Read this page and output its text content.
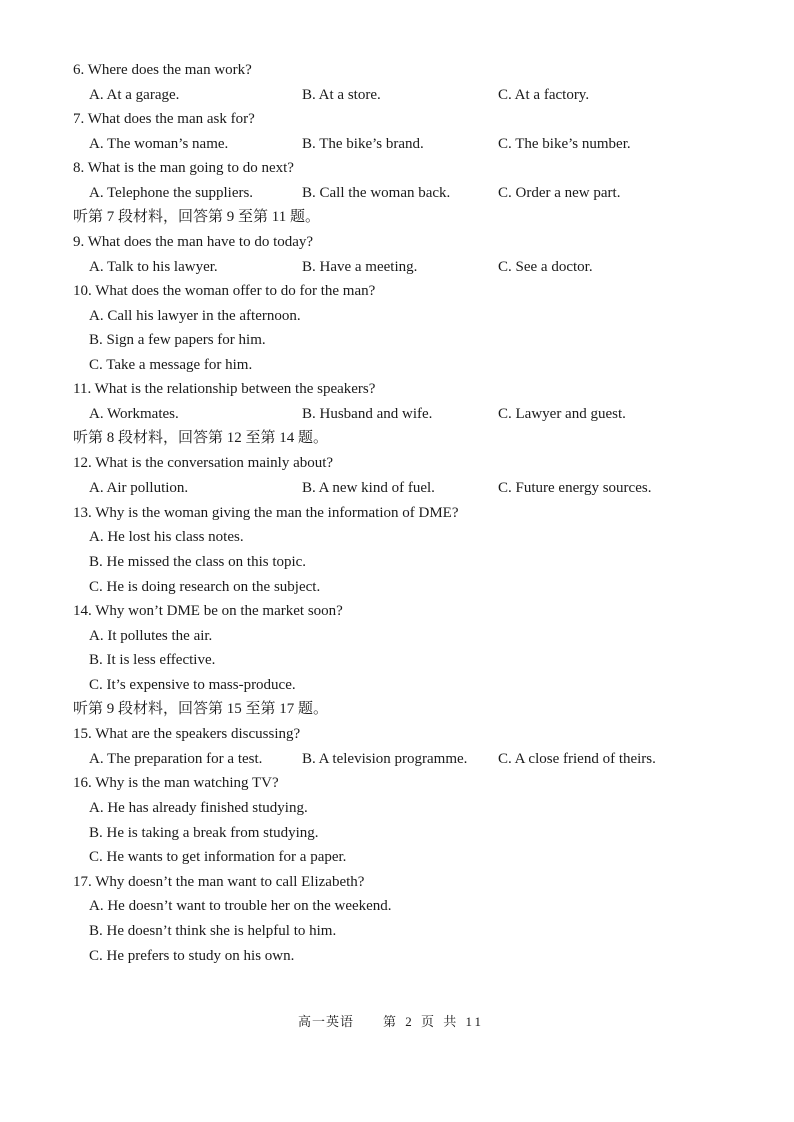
6. Where does the man work?
A. At a garage.	B. At a store.	C. At a factory.
7. What does the man ask for?
A. The woman’s name.	B. The bike’s brand.	C. The bike’s number.
8. What is the man going to do next?
A. Telephone the suppliers.	B. Call the woman back.	C. Order a new part.
听第 7 段材料，回答第 9 至第 11 题。
9. What does the man have to do today?
A. Talk to his lawyer.	B. Have a meeting.	C. See a doctor.
10. What does the woman offer to do for the man?
A. Call his lawyer in the afternoon.
B. Sign a few papers for him.
C. Take a message for him.
11. What is the relationship between the speakers?
A. Workmates.	B. Husband and wife.	C. Lawyer and guest.
听第 8 段材料，回答第 12 至第 14 题。
12. What is the conversation mainly about?
A. Air pollution.	B. A new kind of fuel.	C. Future energy sources.
13. Why is the woman giving the man the information of DME?
A. He lost his class notes.
B. He missed the class on this topic.
C. He is doing research on the subject.
14. Why won’t DME be on the market soon?
A. It pollutes the air.
B. It is less effective.
C. It’s expensive to mass-produce.
听第 9 段材料，回答第 15 至第 17 题。
15. What are the speakers discussing?
A. The preparation for a test.	B. A television programme. C. A close friend of theirs.
16. Why is the man watching TV?
A. He has already finished studying.
B. He is taking a break from studying.
C. He wants to get information for a paper.
17. Why doesn’t the man want to call Elizabeth?
A. He doesn’t want to trouble her on the weekend.
B. He doesn’t think she is helpful to him.
C. He prefers to study on his own.
高一英语 第 2 页 共 11
